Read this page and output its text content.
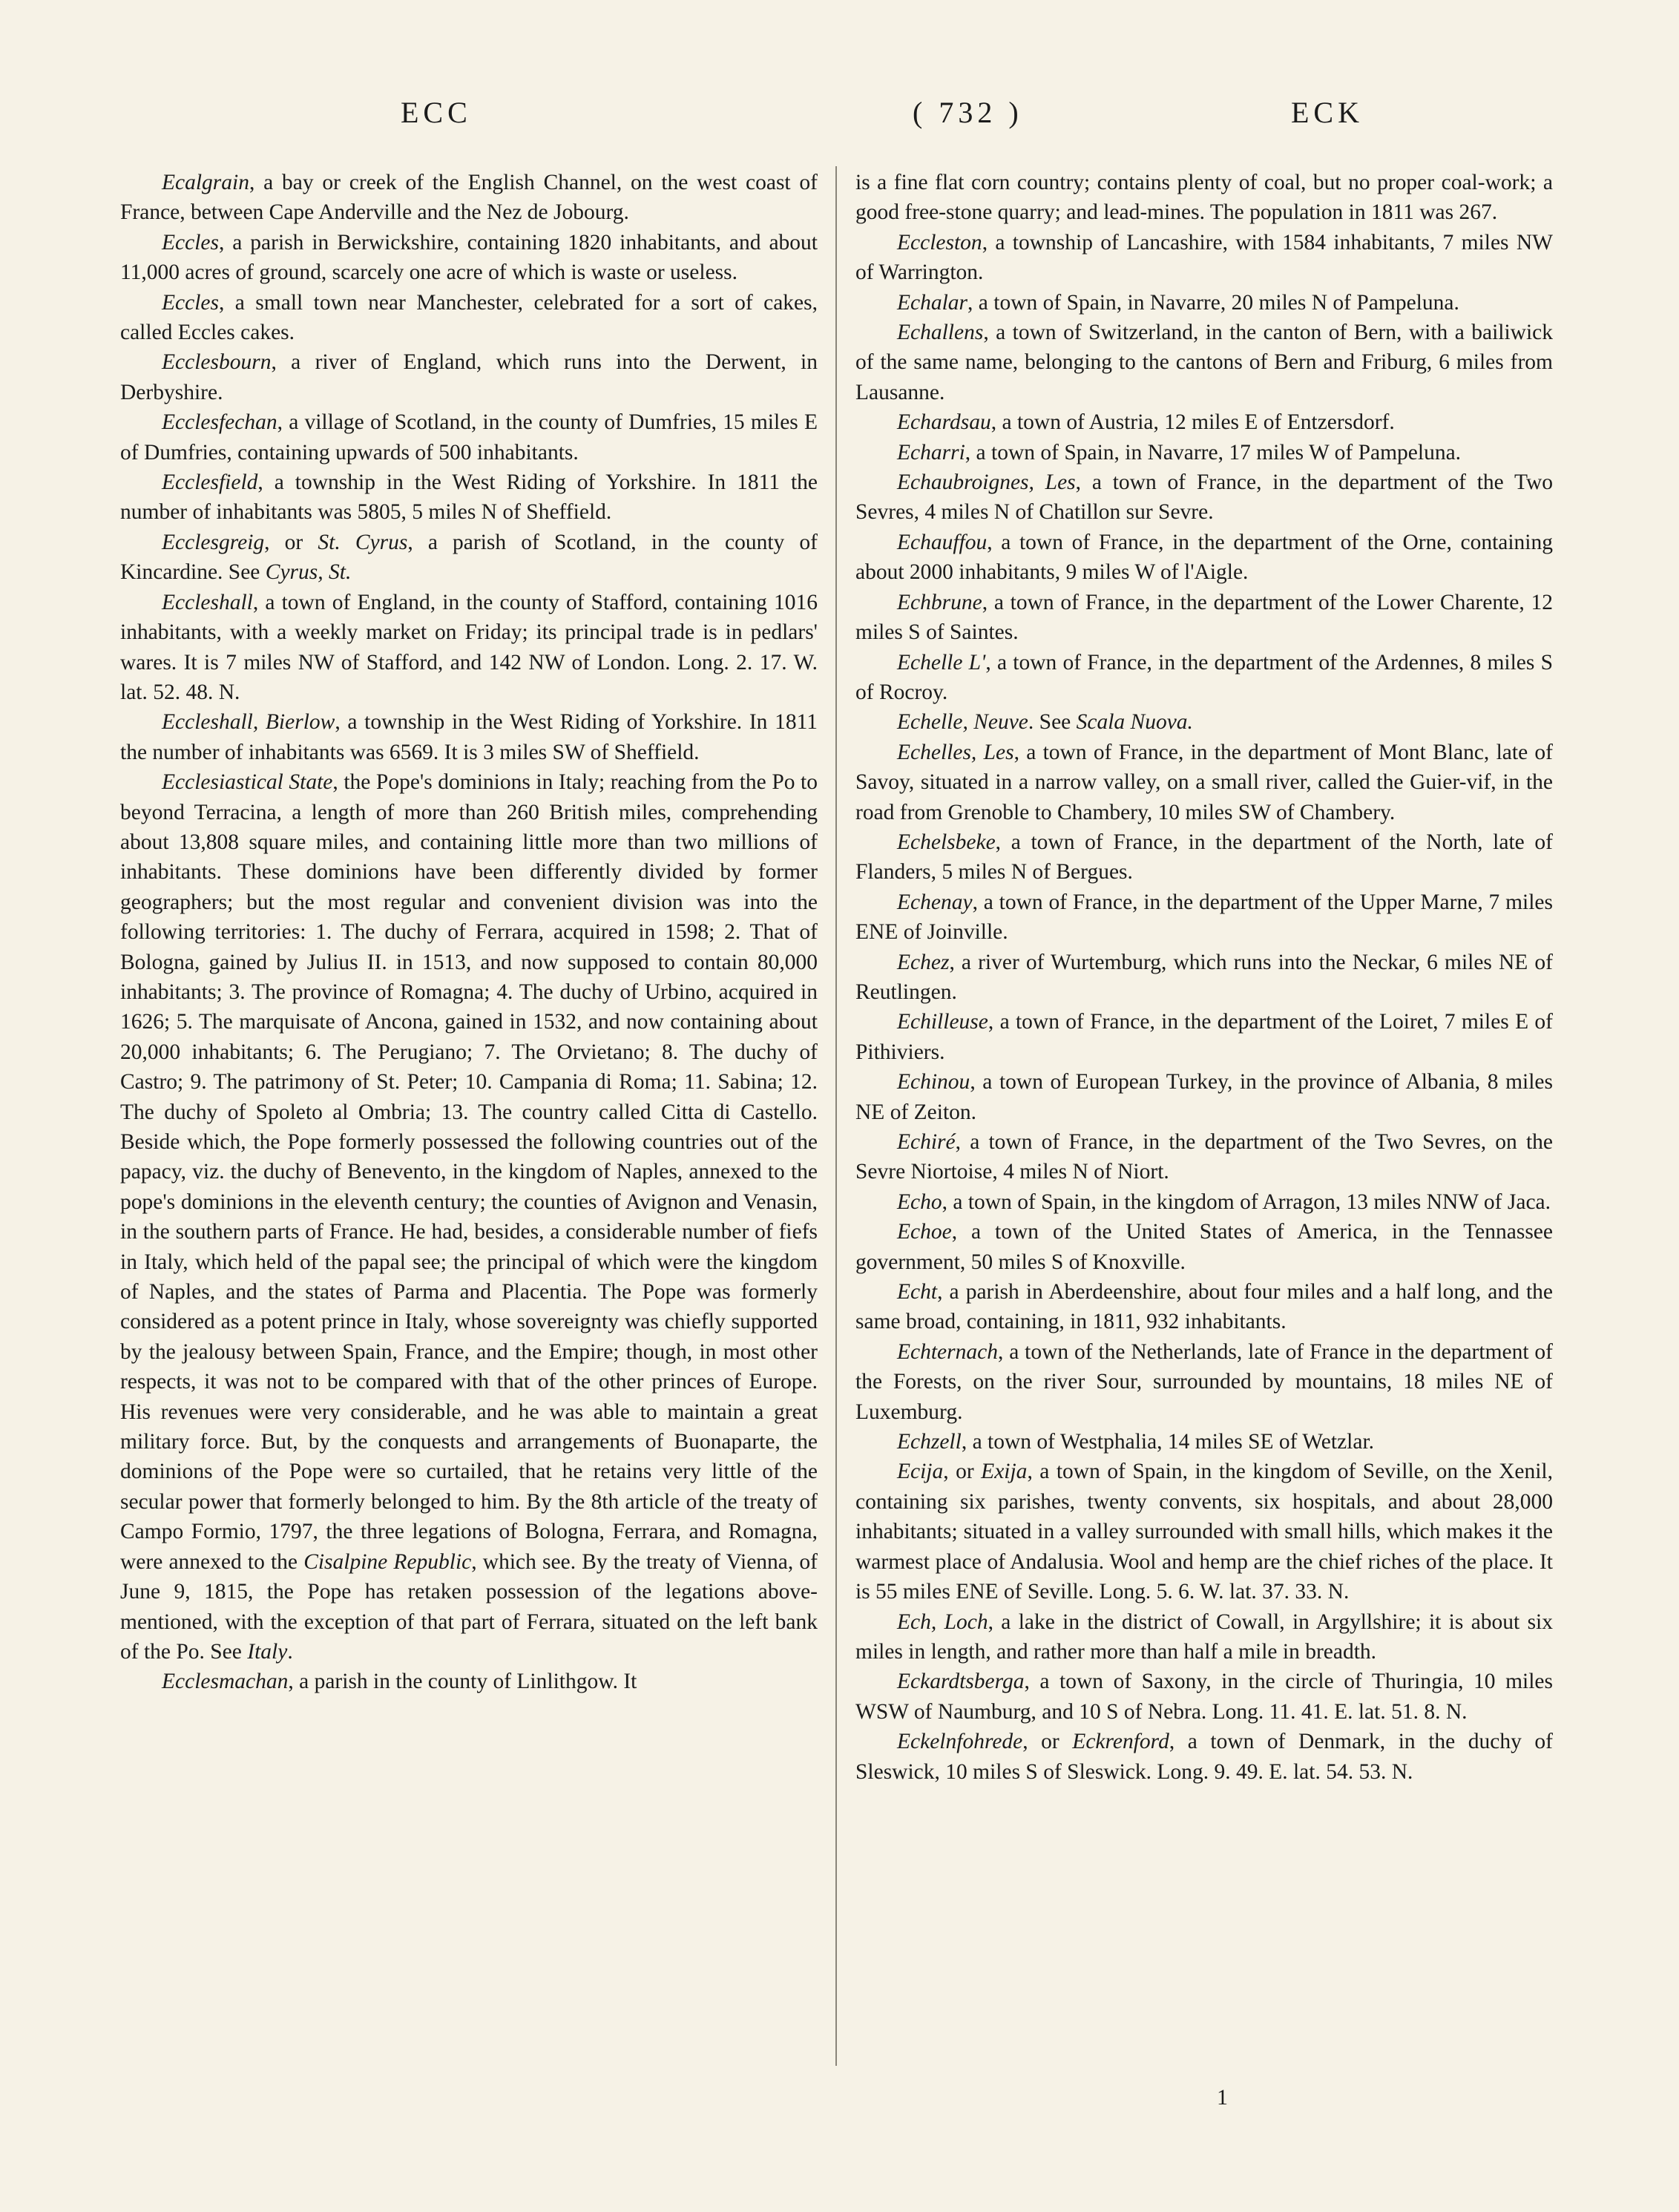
ECC	( 732 )	ECK

Ecalgrain, a bay or creek of the English Channel, on the west coast of France, between Cape Anderville and the Nez de Jobourg.

Eccles, a parish in Berwickshire, containing 1820 inhabitants, and about 11,000 acres of ground, scarcely one acre of which is waste or useless.

Eccles, a small town near Manchester, celebrated for a sort of cakes, called Eccles cakes.

Ecclesbourn, a river of England, which runs into the Derwent, in Derbyshire.

Ecclesfechan, a village of Scotland, in the county of Dumfries, 15 miles E of Dumfries, containing upwards of 500 inhabitants.

Ecclesfield, a township in the West Riding of Yorkshire. In 1811 the number of inhabitants was 5805, 5 miles N of Sheffield.

Ecclesgreig, or St. Cyrus, a parish of Scotland, in the county of Kincardine. See Cyrus, St.

Eccleshall, a town of England, in the county of Stafford, containing 1016 inhabitants, with a weekly market on Friday; its principal trade is in pedlars' wares. It is 7 miles NW of Stafford, and 142 NW of London. Long. 2. 17. W. lat. 52. 48. N.

Eccleshall, Bierlow, a township in the West Riding of Yorkshire. In 1811 the number of inhabitants was 6569. It is 3 miles SW of Sheffield.

Ecclesiastical State, the Pope's dominions in Italy; reaching from the Po to beyond Terracina, a length of more than 260 British miles, comprehending about 13,808 square miles, and containing little more than two millions of inhabitants. These dominions have been differently divided by former geographers; but the most regular and convenient division was into the following territories: 1. The duchy of Ferrara, acquired in 1598; 2. That of Bologna, gained by Julius II. in 1513, and now supposed to contain 80,000 inhabitants; 3. The province of Romagna; 4. The duchy of Urbino, acquired in 1626; 5. The marquisate of Ancona, gained in 1532, and now containing about 20,000 inhabitants; 6. The Perugiano; 7. The Orvietano; 8. The duchy of Castro; 9. The patrimony of St. Peter; 10. Campania di Roma; 11. Sabina; 12. The duchy of Spoleto al Ombria; 13. The country called Citta di Castello. Beside which, the Pope formerly possessed the following countries out of the papacy, viz. the duchy of Benevento, in the kingdom of Naples, annexed to the pope's dominions in the eleventh century; the counties of Avignon and Venasin, in the southern parts of France. He had, besides, a considerable number of fiefs in Italy, which held of the papal see; the principal of which were the kingdom of Naples, and the states of Parma and Placentia. The Pope was formerly considered as a potent prince in Italy, whose sovereignty was chiefly supported by the jealousy between Spain, France, and the Empire; though, in most other respects, it was not to be compared with that of the other princes of Europe. His revenues were very considerable, and he was able to maintain a great military force. But, by the conquests and arrangements of Buonaparte, the dominions of the Pope were so curtailed, that he retains very little of the secular power that formerly belonged to him. By the 8th article of the treaty of Campo Formio, 1797, the three legations of Bologna, Ferrara, and Romagna, were annexed to the Cisalpine Republic, which see. By the treaty of Vienna, of June 9, 1815, the Pope has retaken possession of the legations above-mentioned, with the exception of that part of Ferrara, situated on the left bank of the Po. See Italy.

Ecclesmachan, a parish in the county of Linlithgow. It

is a fine flat corn country; contains plenty of coal, but no proper coal-work; a good free-stone quarry; and lead-mines. The population in 1811 was 267.

Eccleston, a township of Lancashire, with 1584 inhabitants, 7 miles NW of Warrington.

Echalar, a town of Spain, in Navarre, 20 miles N of Pampeluna.

Echallens, a town of Switzerland, in the canton of Bern, with a bailiwick of the same name, belonging to the cantons of Bern and Friburg, 6 miles from Lausanne.

Echardsau, a town of Austria, 12 miles E of Entzersdorf.

Echarri, a town of Spain, in Navarre, 17 miles W of Pampeluna.

Echaubroignes, Les, a town of France, in the department of the Two Sevres, 4 miles N of Chatillon sur Sevre.

Echauffou, a town of France, in the department of the Orne, containing about 2000 inhabitants, 9 miles W of l'Aigle.

Echbrune, a town of France, in the department of the Lower Charente, 12 miles S of Saintes.

Echelle L', a town of France, in the department of the Ardennes, 8 miles S of Rocroy.

Echelle, Neuve. See Scala Nuova.

Echelles, Les, a town of France, in the department of Mont Blanc, late of Savoy, situated in a narrow valley, on a small river, called the Guier-vif, in the road from Grenoble to Chambery, 10 miles SW of Chambery.

Echelsbeke, a town of France, in the department of the North, late of Flanders, 5 miles N of Bergues.

Echenay, a town of France, in the department of the Upper Marne, 7 miles ENE of Joinville.

Echez, a river of Wurtemburg, which runs into the Neckar, 6 miles NE of Reutlingen.

Echilleuse, a town of France, in the department of the Loiret, 7 miles E of Pithiviers.

Echinou, a town of European Turkey, in the province of Albania, 8 miles NE of Zeiton.

Echiré, a town of France, in the department of the Two Sevres, on the Sevre Niortoise, 4 miles N of Niort.

Echo, a town of Spain, in the kingdom of Arragon, 13 miles NNW of Jaca.

Echoe, a town of the United States of America, in the Tennassee government, 50 miles S of Knoxville.

Echt, a parish in Aberdeenshire, about four miles and a half long, and the same broad, containing, in 1811, 932 inhabitants.

Echternach, a town of the Netherlands, late of France in the department of the Forests, on the river Sour, surrounded by mountains, 18 miles NE of Luxemburg.

Echzell, a town of Westphalia, 14 miles SE of Wetzlar.

Ecija, or Exija, a town of Spain, in the kingdom of Seville, on the Xenil, containing six parishes, twenty convents, six hospitals, and about 28,000 inhabitants; situated in a valley surrounded with small hills, which makes it the warmest place of Andalusia. Wool and hemp are the chief riches of the place. It is 55 miles ENE of Seville. Long. 5. 6. W. lat. 37. 33. N.

Ech, Loch, a lake in the district of Cowall, in Argyllshire; it is about six miles in length, and rather more than half a mile in breadth.

Eckardtsberga, a town of Saxony, in the circle of Thuringia, 10 miles WSW of Naumburg, and 10 S of Nebra. Long. 11. 41. E. lat. 51. 8. N.

Eckelnfohrede, or Eckrenford, a town of Denmark, in the duchy of Sleswick, 10 miles S of Sleswick. Long. 9. 49. E. lat. 54. 53. N.

1
